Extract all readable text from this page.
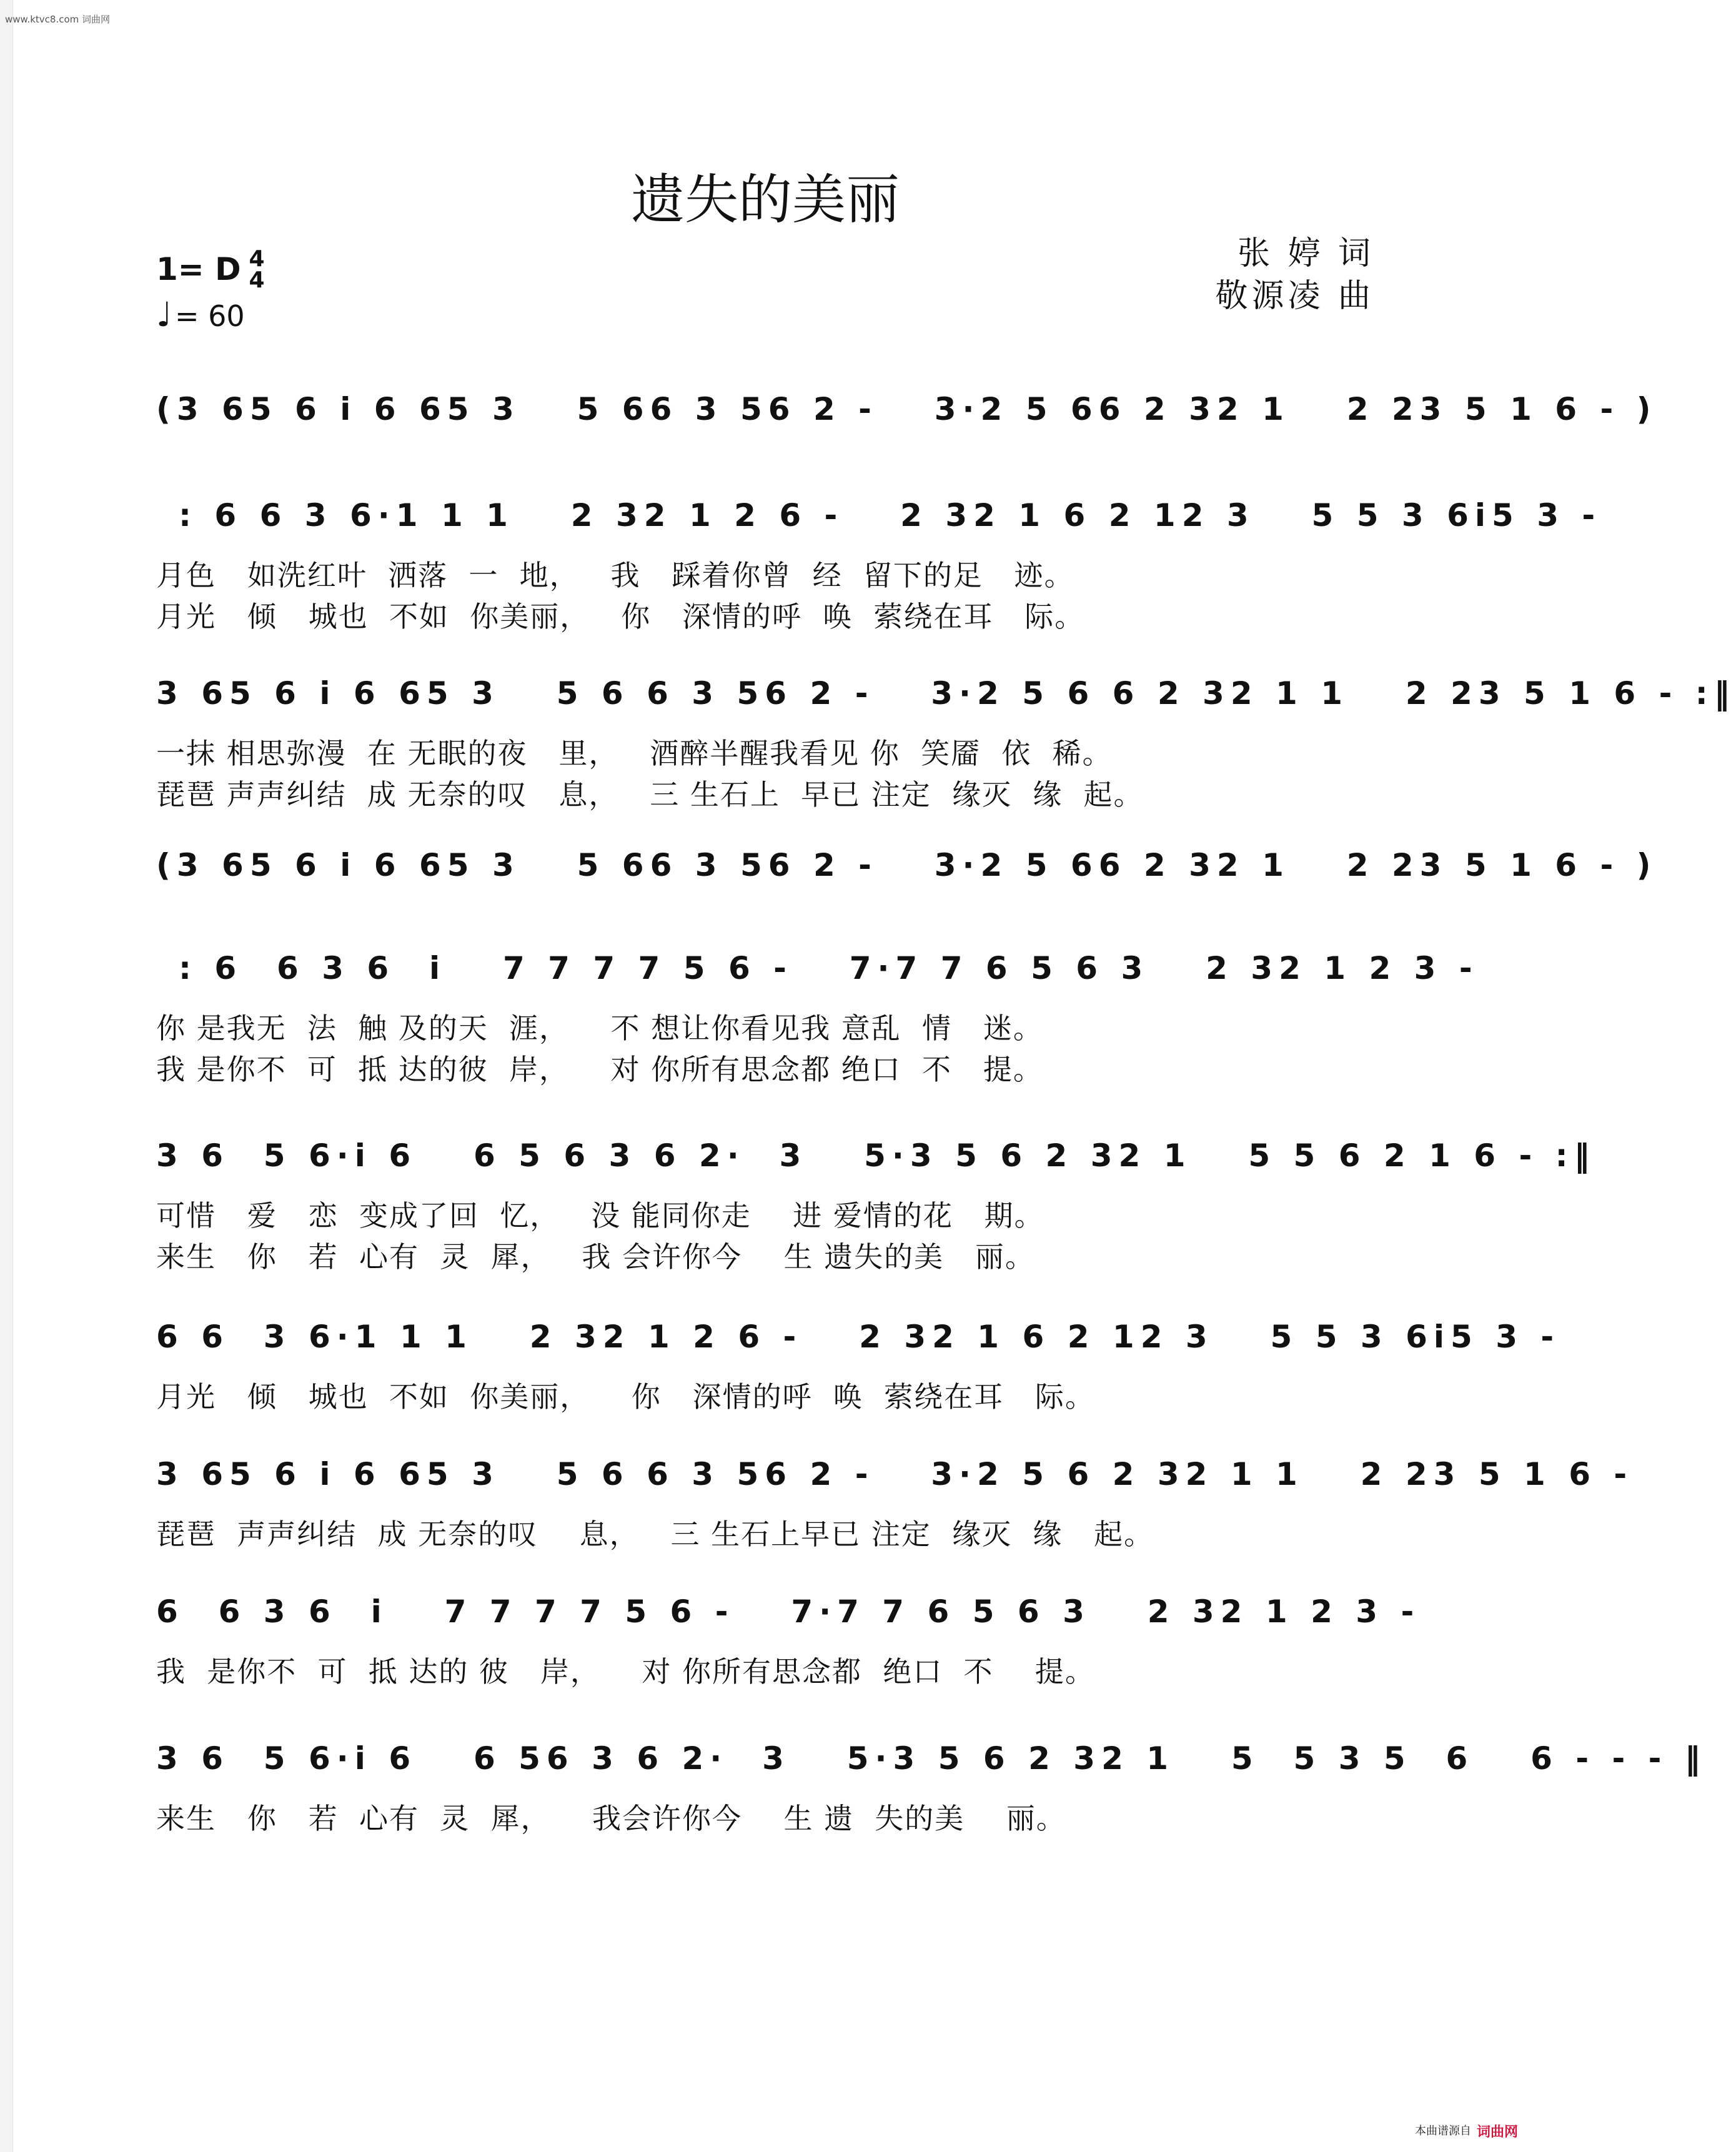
www.ktvc8.com 词曲网
遗失的美丽
1= D 4
4
♩= 60
张 婷 词
敬源凌 曲
(3 65 6 i 6 65 3 5 66 3 56 2 - 3·2 5 66 2 32 1 2 23 5 1 6 - )
: 6 6 3 6·1 1 1 2 32 1 2 6 - 2 32 1 6 2 12 3 5 5 3 6i5 3 -
月色   如洗红叶  洒落  一  地，   我   踩着你曾  经  留下的足   迹。
月光   倾   城也  不如  你美丽，   你   深情的呼  唤  萦绕在耳   际。
3 65 6 i 6 65 3 5 6 6 3 56 2 - 3·2 5 6 6 2 32 1 1 2 23 5 1 6 - :‖
一抹 相思弥漫  在 无眠的夜   里，   酒醉半醒我看见 你  笑靥  依  稀。
琵琶 声声纠结  成 无奈的叹   息，   三 生石上  早已 注定  缘灭  缘  起。
(3 65 6 i 6 65 3 5 66 3 56 2 - 3·2 5 66 2 32 1 2 23 5 1 6 - )
: 6  6 3 6  i 7 7 7 7 5 6 - 7·7 7 6 5 6 3 2 32 1 2 3 -
你 是我无  法  触 及的天  涯，    不 想让你看见我 意乱  情   迷。
我 是你不  可  抵 达的彼  岸，    对 你所有思念都 绝口  不   提。
3 6  5 6·i 6 6 5 6 3 6 2·  3 5·3 5 6 2 32 1 5 5 6 2 1 6 - :‖
可惜   爱   恋  变成了回  忆，   没 能同你走    进 爱情的花   期。
来生   你   若  心有  灵  犀，   我 会许你今    生 遗失的美   丽。
6 6  3 6·1 1 1 2 32 1 2 6 - 2 32 1 6 2 12 3 5 5 3 6i5 3 -
月光   倾   城也  不如  你美丽，    你   深情的呼  唤  萦绕在耳   际。
3 65 6 i 6 65 3 5 6 6 3 56 2 - 3·2 5 6 2 32 1 1 2 23 5 1 6 -
琵琶  声声纠结  成 无奈的叹    息，   三 生石上早已 注定  缘灭  缘   起。
6  6 3 6  i 7 7 7 7 5 6 - 7·7 7 6 5 6 3 2 32 1 2 3 -
我  是你不  可  抵 达的 彼   岸，    对 你所有思念都  绝口  不    提。
3 6  5 6·i 6 6 56 3 6 2·  3 5·3 5 6 2 32 1 5  5 3 5  6 6 - - - ‖
来生   你   若  心有  灵  犀，    我会许你今    生 遗  失的美    丽。
本曲谱源自 词曲网
